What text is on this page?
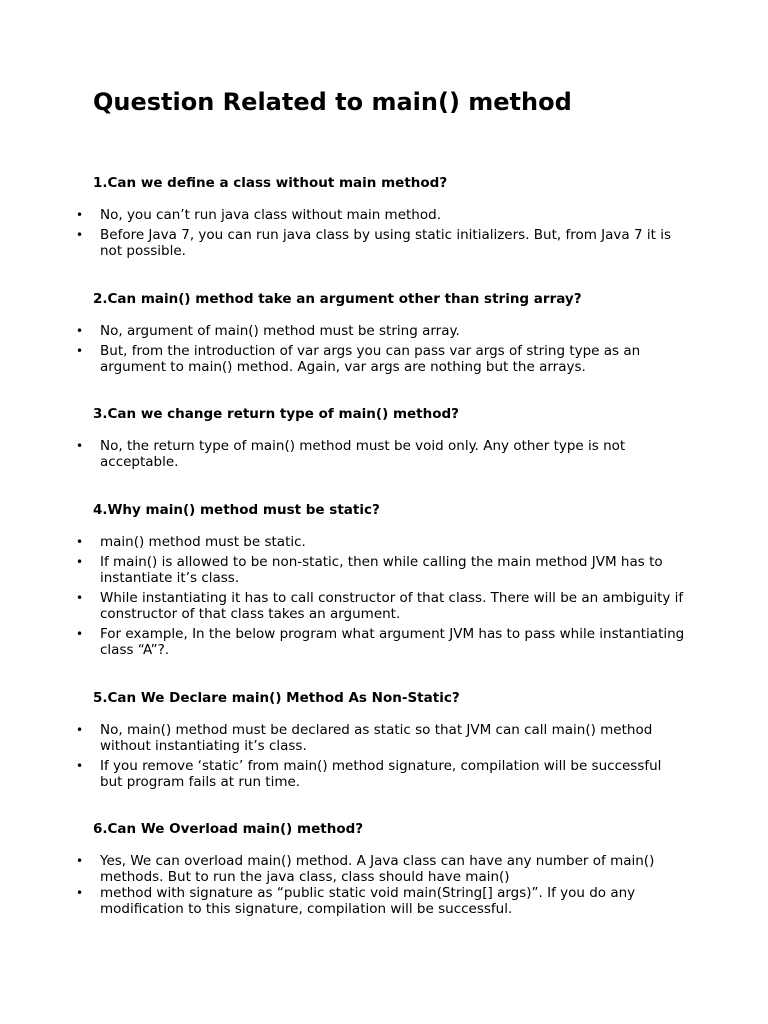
Question Related to main() method
1.Can we define a class without main method?
• No, you can’t run java class without main method.
• Before Java 7, you can run java class by using static initializers. But, from Java 7 it is not possible.
2.Can main() method take an argument other than string array?
• No, argument of main() method must be string array.
• But, from the introduction of var args you can pass var args of string type as an argument to main() method. Again, var args are nothing but the arrays.
3.Can we change return type of main() method?
• No, the return type of main() method must be void only. Any other type is not acceptable.
4.Why main() method must be static?
• main() method must be static.
• If main() is allowed to be non-static, then while calling the main method JVM has to instantiate it’s class.
• While instantiating it has to call constructor of that class. There will be an ambiguity if constructor of that class takes an argument.
• For example, In the below program what argument JVM has to pass while instantiating class “A”?.
5.Can We Declare main() Method As Non-Static?
• No, main() method must be declared as static so that JVM can call main() method without instantiating it’s class.
• If you remove ‘static’ from main() method signature, compilation will be successful but program fails at run time.
6.Can We Overload main() method?
• Yes, We can overload main() method. A Java class can have any number of main() methods. But to run the java class, class should have main()
• method with signature as “public static void main(String[] args)”. If you do any modification to this signature, compilation will be successful.
